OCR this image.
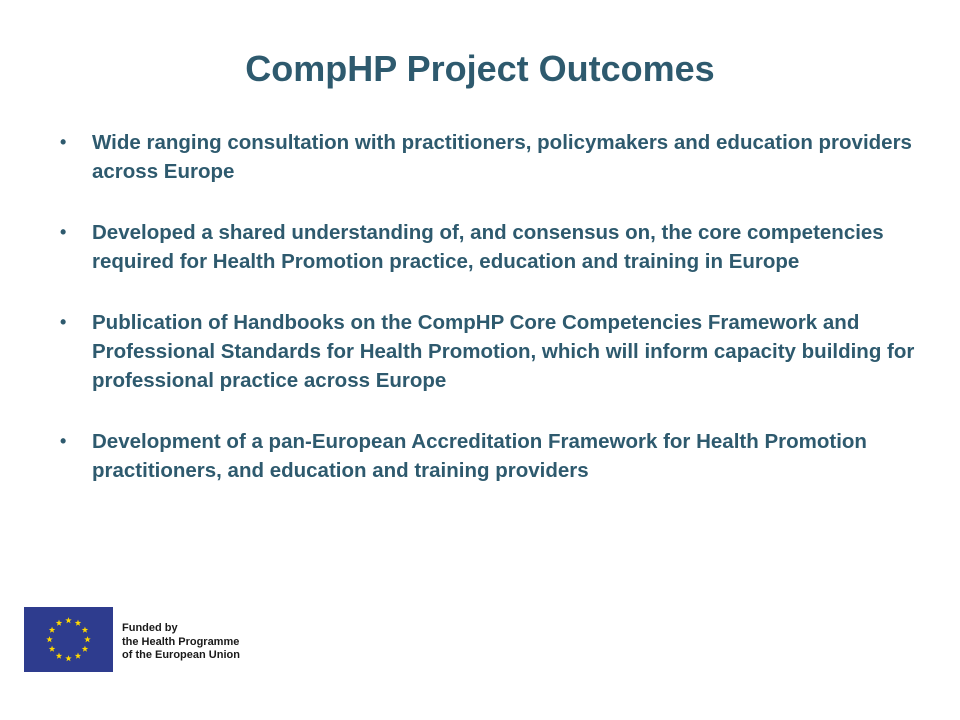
CompHP Project Outcomes
• Wide ranging consultation with practitioners, policymakers and education providers across Europe
• Developed a shared understanding of, and consensus on, the core competencies required for Health Promotion practice, education and training in Europe
• Publication of Handbooks on the CompHP Core Competencies Framework and Professional Standards for Health Promotion, which will inform capacity building for professional practice across Europe
• Development of a pan-European Accreditation Framework for Health Promotion practitioners, and education and training providers
Funded by
the Health Programme
of the European Union
